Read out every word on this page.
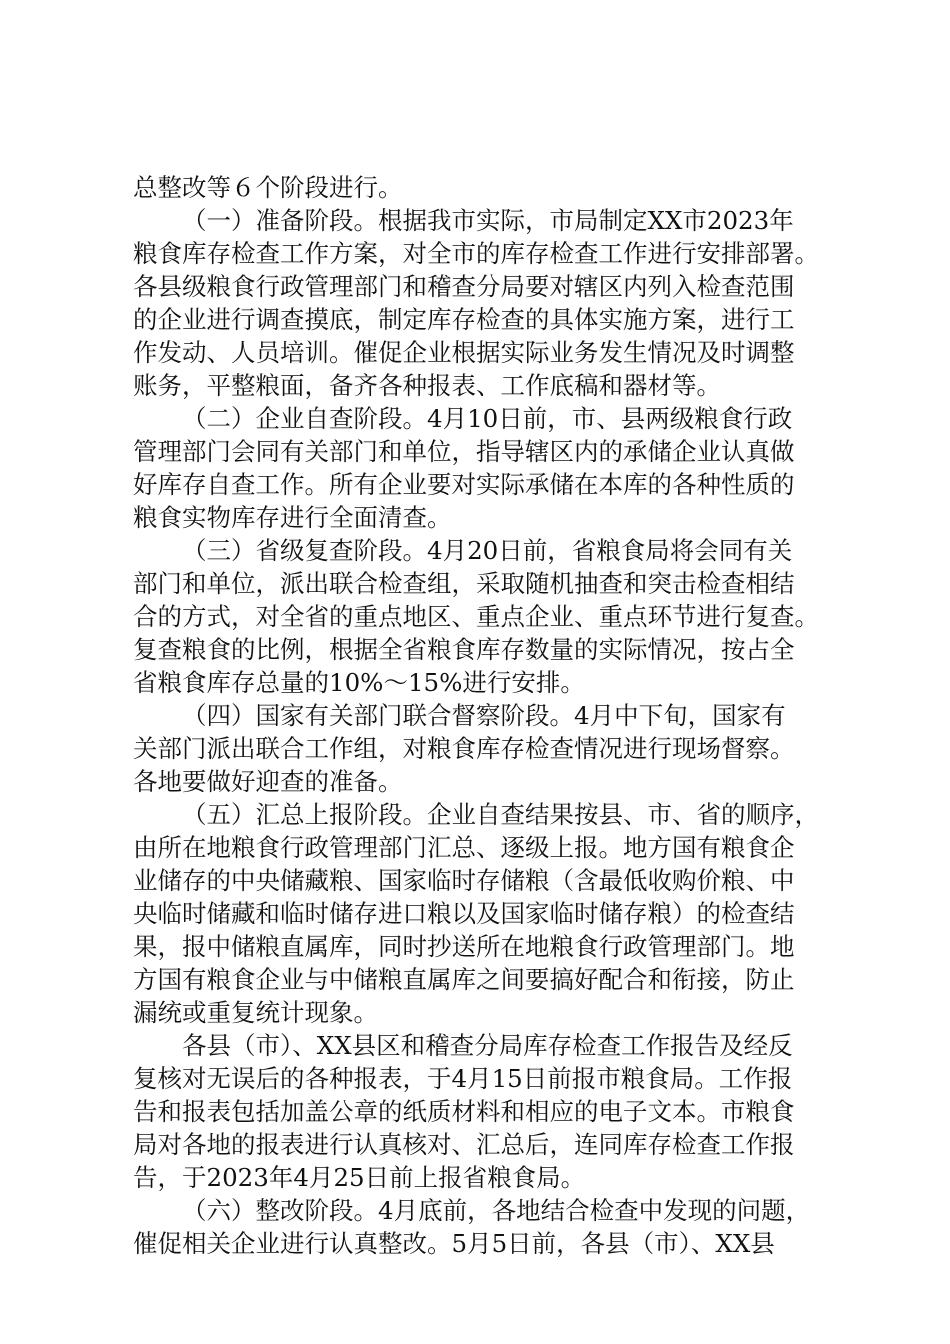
总整改等６个阶段进行。
（一）准备阶段。根据我市实际，市局制定XX市2023年
粮食库存检查工作方案，对全市的库存检查工作进行安排部署。
各县级粮食行政管理部门和稽查分局要对辖区内列入检查范围
的企业进行调查摸底，制定库存检查的具体实施方案，进行工
作发动、人员培训。催促企业根据实际业务发生情况及时调整
账务，平整粮面，备齐各种报表、工作底稿和器材等。
（二）企业自查阶段。4月10日前，市、县两级粮食行政
管理部门会同有关部门和单位，指导辖区内的承储企业认真做
好库存自查工作。所有企业要对实际承储在本库的各种性质的
粮食实物库存进行全面清查。
（三）省级复查阶段。4月20日前，省粮食局将会同有关
部门和单位，派出联合检查组，采取随机抽查和突击检查相结
合的方式，对全省的重点地区、重点企业、重点环节进行复查。
复查粮食的比例，根据全省粮食库存数量的实际情况，按占全
省粮食库存总量的10%～15%进行安排。
（四）国家有关部门联合督察阶段。4月中下旬，国家有
关部门派出联合工作组，对粮食库存检查情况进行现场督察。
各地要做好迎查的准备。
（五）汇总上报阶段。企业自查结果按县、市、省的顺序，
由所在地粮食行政管理部门汇总、逐级上报。地方国有粮食企
业储存的中央储藏粮、国家临时存储粮（含最低收购价粮、中
央临时储藏和临时储存进口粮以及国家临时储存粮）的检查结
果，报中储粮直属库，同时抄送所在地粮食行政管理部门。地
方国有粮食企业与中储粮直属库之间要搞好配合和衔接，防止
漏统或重复统计现象。
各县（市）、XX县区和稽查分局库存检查工作报告及经反
复核对无误后的各种报表，于4月15日前报市粮食局。工作报
告和报表包括加盖公章的纸质材料和相应的电子文本。市粮食
局对各地的报表进行认真核对、汇总后，连同库存检查工作报
告，于2023年4月25日前上报省粮食局。
（六）整改阶段。4月底前，各地结合检查中发现的问题，
催促相关企业进行认真整改。5月5日前，各县（市）、XX县
